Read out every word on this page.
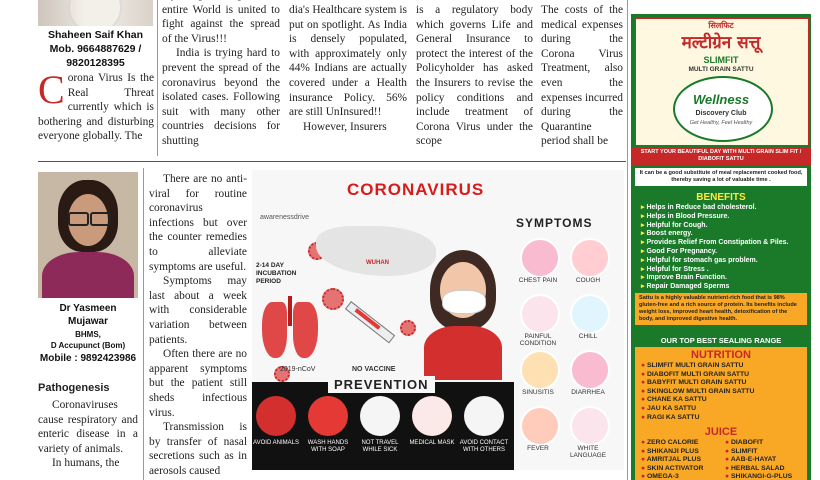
Shaheen Saif Khan
Mob. 9664887629 /
9820128395
C orona Virus Is the Real Threat currently which is bothering and disturbing everyone globally. The

entire World is united to fight against the spread of the Virus!!!

India is trying hard to prevent the spread of the coronavirus beyond the isolated cases. Following suit with many other countries decisions for shutting

dia's Healthcare system is put on spotlight. As India is densely populated, with approximately only 44% Indians are actually covered under a Health insurance Policy. 56% are still UnInsured!!

However, Insurers

is a regulatory body which governs Life and General Insurance to protect the interest of the Policyholder has asked the Insurers to revise the policy conditions and include treatment of Corona Virus under the scope

The costs of the medical expenses during the Corona Virus Treatment, also even the expenses incurred during the Quarantine period shall be

Dr Yasmeen
Mujawar
BHMS,
D Accupunct (Bom)
Mobile : 9892423986
Pathogenesis

Coronaviruses cause respiratory and enteric disease in a variety of animals.

In humans, the

There are no anti-viral for routine coronavirus infections but over the counter remedies to alleviate symptoms are useful.

Symptoms may last about a week with considerable variation between patients.

Often there are no apparent symptoms but the patient still sheds infectious virus.

Transmission is by transfer of nasal secretions such as in aerosols caused

CORONAVIRUS
awarenessdrive
2-14 DAY INCUBATION PERIOD
WUHAN
2019-nCoV	NO VACCINE
SYMPTOMS
CHEST PAIN	COUGH
PAINFUL CONDITION
CHILL
SINUSITIS	DIARRHEA
FEVER	WHITE LANGUAGE
PREVENTION
AVOID ANIMALS	WASH HANDS WITH SOAP
NOT TRAVEL WHILE SICK
MEDICAL MASK AVOID CONTACT WITH OTHERS
सिलफिट
मल्टीग्रेन सत्तू
SLIMFIT
MULTI GRAIN SATTU
Wellness
Discovery Club
Get Healthy, Feel Healthy
START YOUR BEAUTIFUL DAY WITH MULTI GRAIN SLIM FIT / DIABOFIT SATTU
It can be a good substitute of meal replacement cooked food, thereby saving a lot of valuable time .
BENEFITS
▸ Helps in Reduce bad cholesterol.
▸ Helps in Blood Pressure.
▸ Helpful for Cough.
▸ Boost energy.
▸ Provides Relief From Constipation & Piles.
▸ Good For Pregnancy.
▸ Helpful for stomach gas problem.
▸ Helpful for Stress .
▸ Improve Brain Function.
▸ Repair Damaged Sperms
Sattu is a highly valuable nutrient-rich food that is 98% gluten-free and a rich source of protein. Its benefits include weight loss, improved heart health, detoxification of the body, and improved digestive health.
OUR TOP BEST SEALING RANGE
NUTRITION
● SLIMFIT MULTI GRAIN SATTU
● DIABOFIT MULTI GRAIN SATTU
● BABYFIT MULTI GRAIN SATTU
● SKINGLOW MULTI GRAIN SATTU
● CHANE KA SATTU
● JAU KA SATTU
● RAGI KA SATTU
JUICE
● ZERO CALORIE
● SHIKANJI PLUS
● AMRITJAL PLUS
● SKIN ACTIVATOR
● OMEGA-3
● DIABOFIT
● SLIMFIT
● AAB-E-HAYAT
● HERBAL SALAD
● SHIKANGI-G-PLUS
